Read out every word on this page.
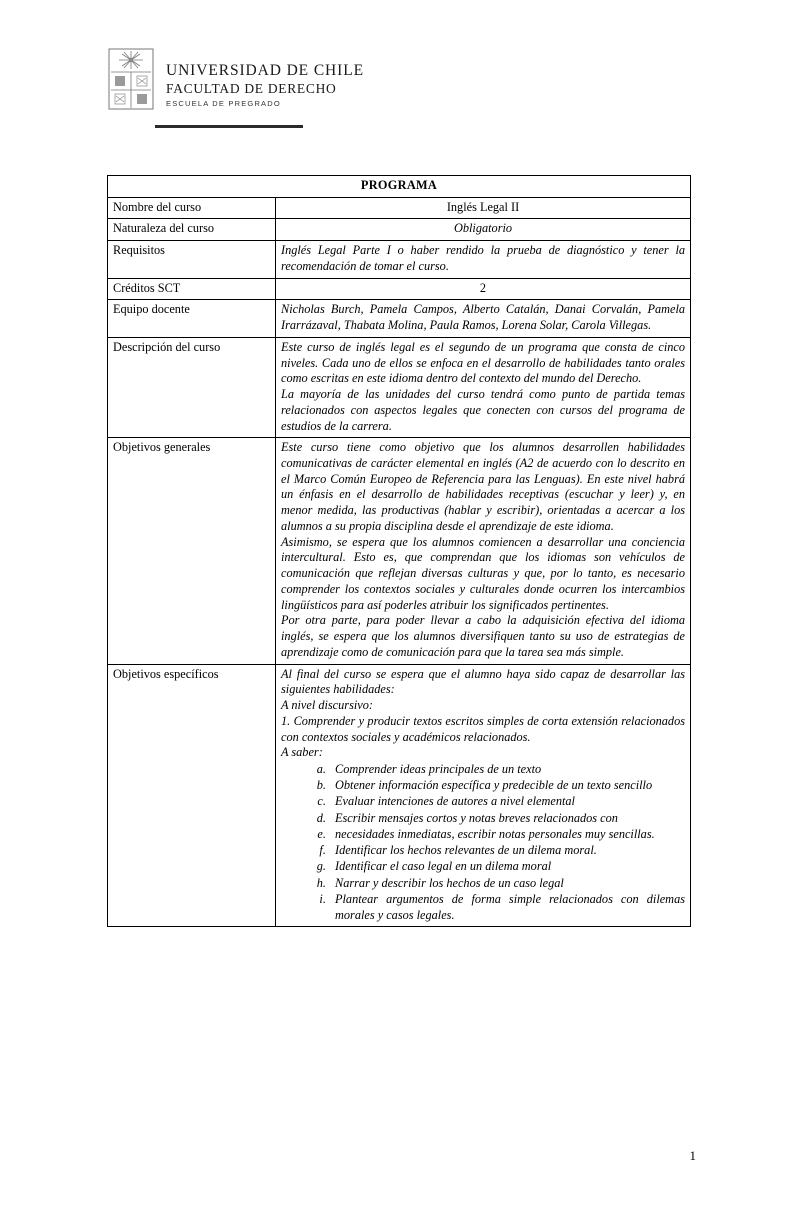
UNIVERSIDAD DE CHILE
FACULTAD DE DERECHO
ESCUELA DE PREGRADO
PROGRAMA	
Nombre del curso	Inglés Legal II
Naturaleza del curso	Obligatorio
Requisitos	Inglés Legal Parte I o haber rendido la prueba de diagnóstico y tener la recomendación de tomar el curso.
Créditos SCT	2
Equipo docente	Nicholas Burch, Pamela Campos, Alberto Catalán, Danai Corvalán, Pamela Irarrázaval, Thabata Molina, Paula Ramos, Lorena Solar, Carola Villegas.
Descripción del curso	Este curso de inglés legal es el segundo de un programa que consta de cinco niveles. Cada uno de ellos se enfoca en el desarrollo de habilidades tanto orales como escritas en este idioma dentro del contexto del mundo del Derecho.

La mayoría de las unidades del curso tendrá como punto de partida temas relacionados con aspectos legales que conecten con cursos del programa de estudios de la carrera.

Objetivos generales	Este curso tiene como objetivo que los alumnos desarrollen habilidades comunicativas de carácter elemental en inglés (A2 de acuerdo con lo descrito en el Marco Común Europeo de Referencia para las Lenguas). En este nivel habrá un énfasis en el desarrollo de habilidades receptivas (escuchar y leer) y, en menor medida, las productivas (hablar y escribir), orientadas a acercar a los alumnos a su propia disciplina desde el aprendizaje de este idioma.

Asimismo, se espera que los alumnos comiencen a desarrollar una conciencia intercultural. Esto es, que comprendan que los idiomas son vehículos de comunicación que reflejan diversas culturas y que, por lo tanto, es necesario comprender los contextos sociales y culturales donde ocurren los intercambios lingüísticos para así poderles atribuir los significados pertinentes.

Por otra parte, para poder llevar a cabo la adquisición efectiva del idioma inglés, se espera que los alumnos diversifiquen tanto su uso de estrategias de aprendizaje como de comunicación para que la tarea sea más simple.

Objetivos específicos	Al final del curso se espera que el alumno haya sido capaz de desarrollar las siguientes habilidades:

A nivel discursivo:

1. Comprender y producir textos escritos simples de corta extensión relacionados con contextos sociales y académicos relacionados.

A saber:

a. Comprender ideas principales de un texto
b. Obtener información específica y predecible de un texto sencillo
c. Evaluar intenciones de autores a nivel elemental
d. Escribir mensajes cortos y notas breves relacionados con
e. necesidades inmediatas, escribir notas personales muy sencillas.
f. Identificar los hechos relevantes de un dilema moral.
g. Identificar el caso legal en un dilema moral
h. Narrar y describir los hechos de un caso legal
i. Plantear argumentos de forma simple relacionados con dilemas morales y casos legales.
1
